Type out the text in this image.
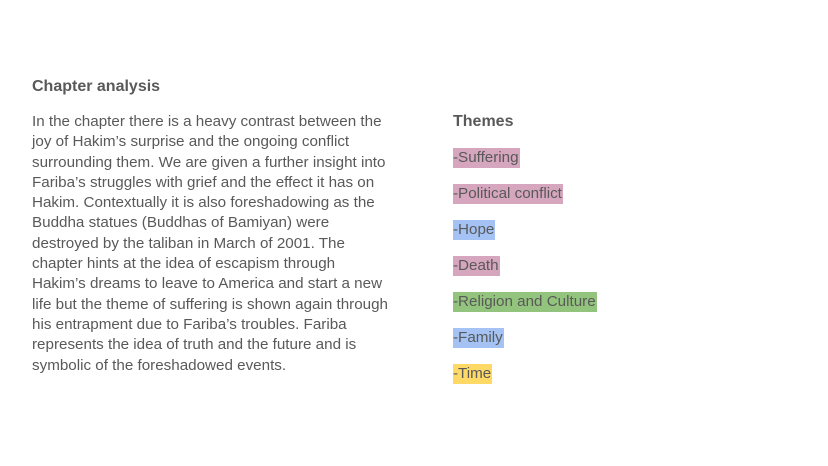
Chapter analysis

In the chapter there is a heavy contrast between the joy of Hakim’s surprise and the ongoing conflict surrounding them. We are given a further insight into Fariba’s struggles with grief and the effect it has on Hakim. Contextually it is also foreshadowing as the Buddha statues (Buddhas of Bamiyan) were destroyed by the taliban in March of 2001. The chapter hints at the idea of escapism through Hakim’s dreams to leave to America and start a new life but the theme of suffering is shown again through his entrapment due to Fariba’s troubles. Fariba represents the idea of truth and the future and is symbolic of the foreshadowed events.

Themes
-Suffering
-Political conflict
-Hope
-Death
-Religion and Culture
-Family
-Time
